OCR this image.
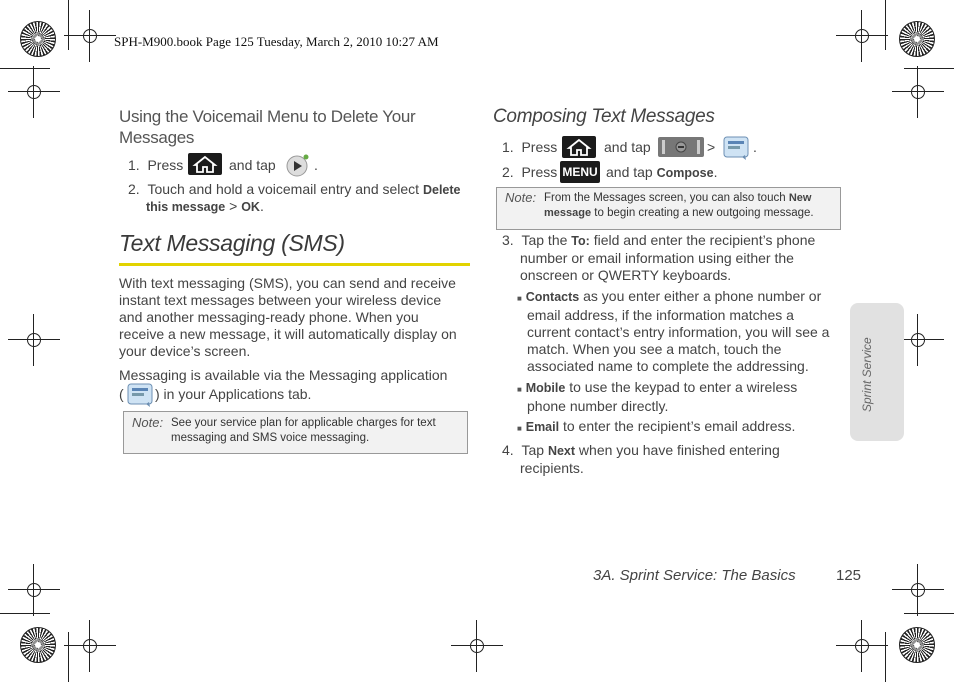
SPH-M900.book Page 125 Tuesday, March 2, 2010 10:27 AM
Using the Voicemail Menu to Delete Your Messages
1. Press	and tap	.
2. Touch and hold a voicemail entry and select Delete
this message > OK.
Text Messaging (SMS)
With text messaging (SMS), you can send and receive
instant text messages between your wireless device
and another messaging-ready phone. When you
receive a new message, it will automatically display on
your device’s screen.
Messaging is available via the Messaging application
( ) in your Applications tab.
Note: See your service plan for applicable charges for text
messaging and SMS voice messaging.
Composing Text Messages
1. Press	and tap	>	.
2. Press MENU and tap Compose.
Note: From the Messages screen, you can also touch New
message to begin creating a new outgoing message.
3. Tap the To: field and enter the recipient’s phone
number or email information using either the
onscreen or QWERTY keyboards.
■ Contacts as you enter either a phone number or
email address, if the information matches a
current contact’s entry information, you will see a
match. When you see a match, touch the
associated name to complete the addressing.
■ Mobile to use the keypad to enter a wireless
phone number directly.
■ Email to enter the recipient’s email address.
4. Tap Next when you have finished entering
recipients.
Sprint Service
3A. Sprint Service: The Basics	125
